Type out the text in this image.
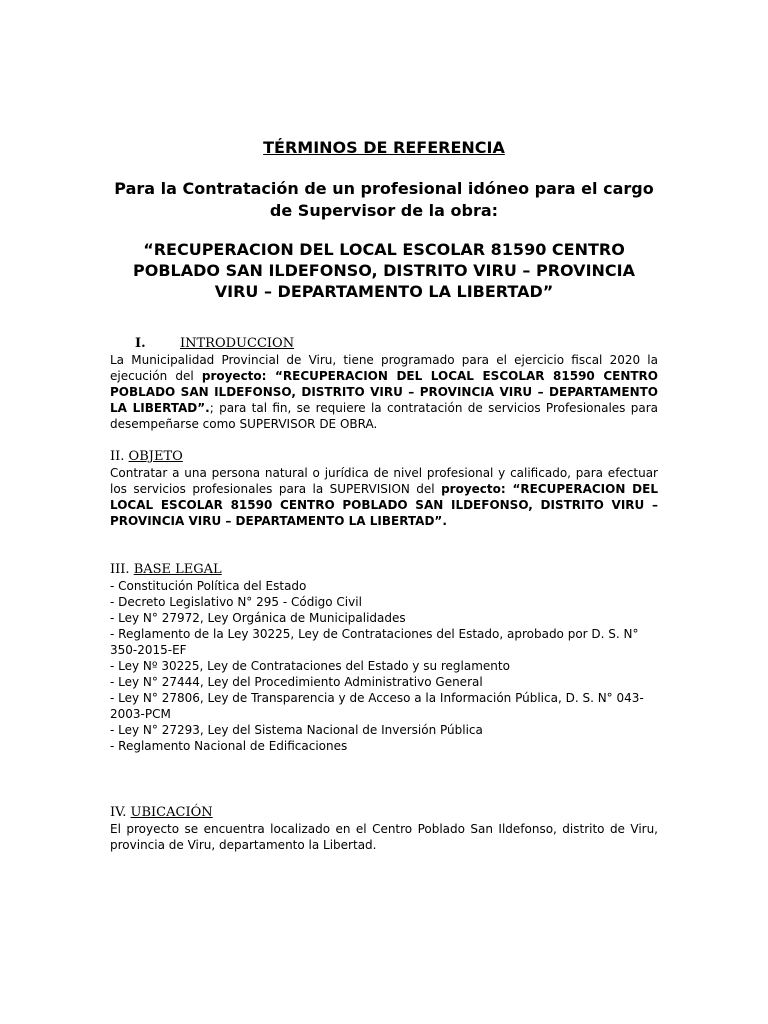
TÉRMINOS DE REFERENCIA
Para la Contratación de un profesional idóneo para el cargo de Supervisor de la obra:
“RECUPERACION DEL LOCAL ESCOLAR 81590 CENTRO POBLADO SAN ILDEFONSO, DISTRITO VIRU – PROVINCIA VIRU – DEPARTAMENTO LA LIBERTAD”
I.	INTRODUCCION

La Municipalidad Provincial de Viru, tiene programado para el ejercicio fiscal 2020 la ejecución del proyecto: “RECUPERACION DEL LOCAL ESCOLAR 81590 CENTRO POBLADO SAN ILDEFONSO, DISTRITO VIRU – PROVINCIA VIRU – DEPARTAMENTO LA LIBERTAD”.; para tal fin, se requiere la contratación de servicios Profesionales para desempeñarse como SUPERVISOR DE OBRA.

II. OBJETO

Contratar a una persona natural o jurídica de nivel profesional y calificado, para efectuar los servicios profesionales para la SUPERVISION del proyecto: “RECUPERACION DEL LOCAL ESCOLAR 81590 CENTRO POBLADO SAN ILDEFONSO, DISTRITO VIRU – PROVINCIA VIRU – DEPARTAMENTO LA LIBERTAD”.

III. BASE LEGAL
- Constitución Política del Estado
- Decreto Legislativo N° 295 - Código Civil
- Ley N° 27972, Ley Orgánica de Municipalidades
- Reglamento de la Ley 30225, Ley de Contrataciones del Estado, aprobado por D. S. N°
350-2015-EF
- Ley Nº 30225, Ley de Contrataciones del Estado y su reglamento
- Ley N° 27444, Ley del Procedimiento Administrativo General
- Ley N° 27806, Ley de Transparencia y de Acceso a la Información Pública, D. S. N° 043-
2003-PCM
- Ley N° 27293, Ley del Sistema Nacional de Inversión Pública
- Reglamento Nacional de Edificaciones
IV. UBICACIÓN

El proyecto se encuentra localizado en el Centro Poblado San Ildefonso, distrito de Viru, provincia de Viru, departamento la Libertad.
